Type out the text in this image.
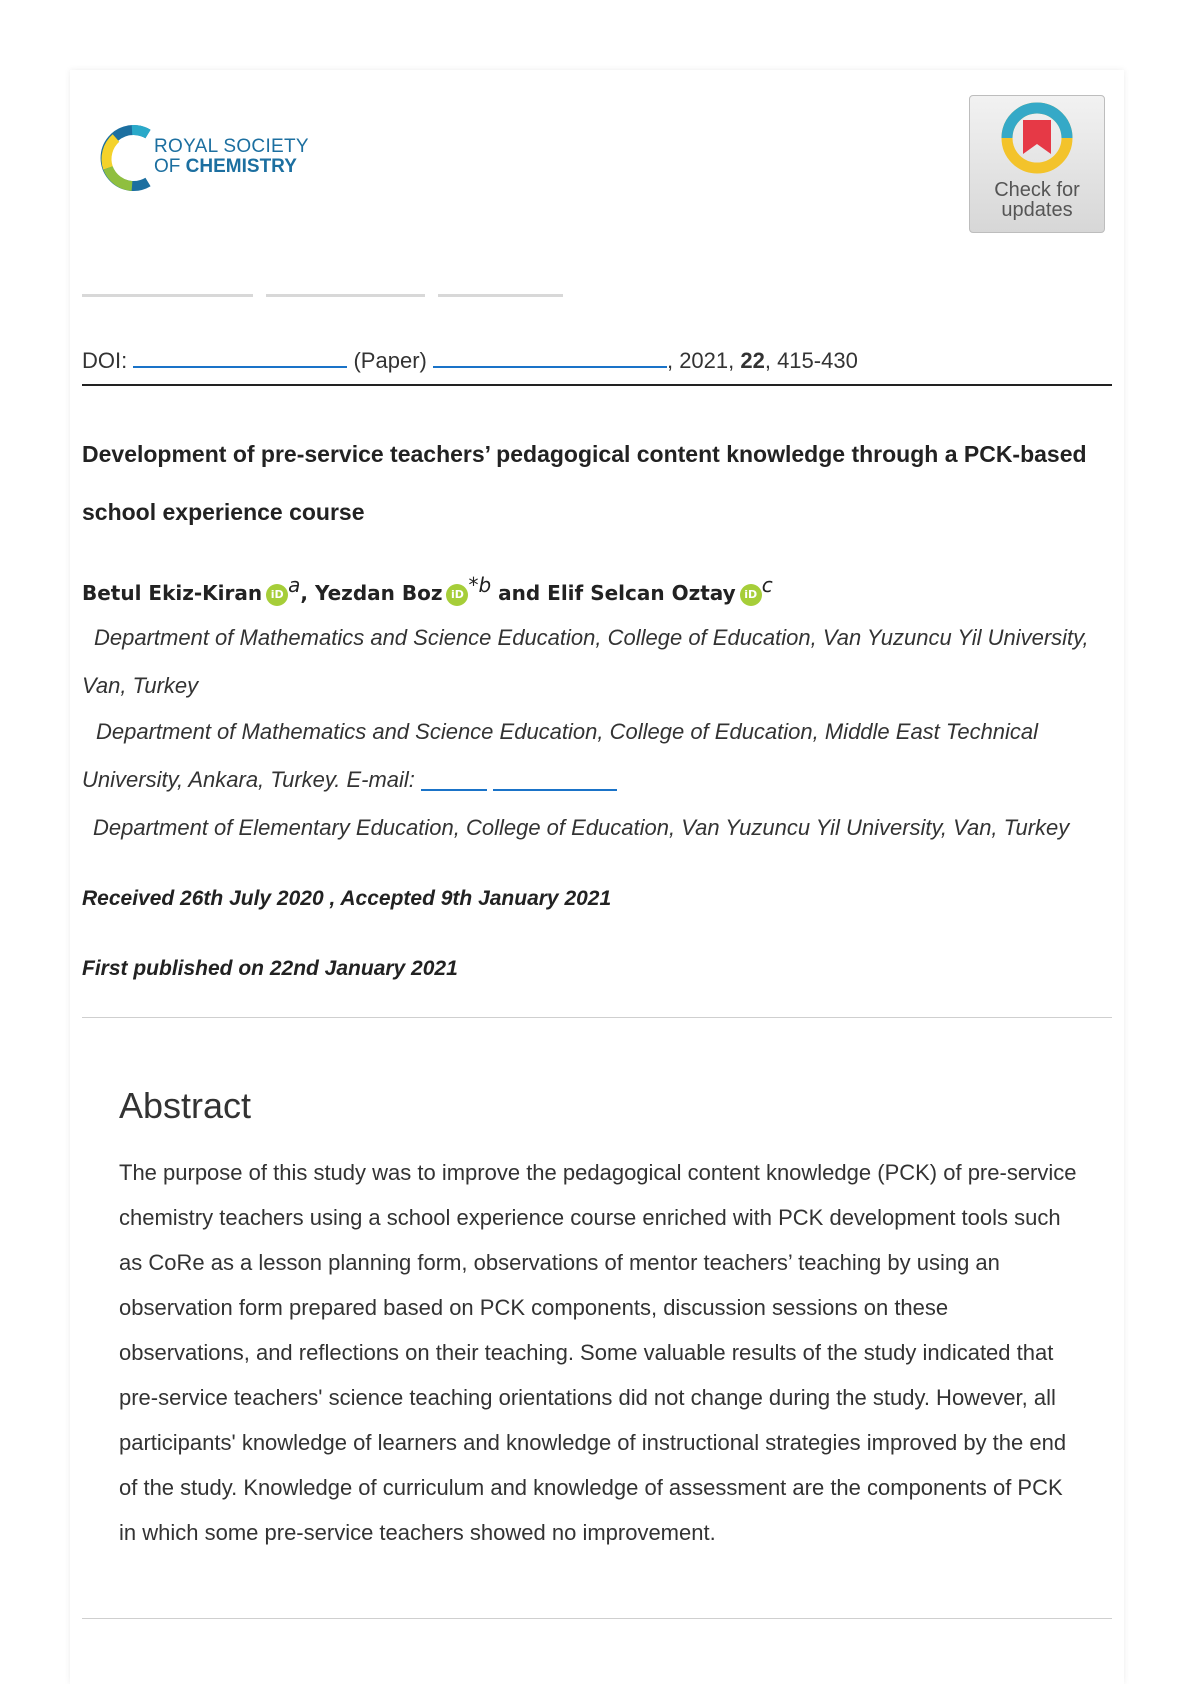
ROYAL SOCIETY
OF CHEMISTRY
Check for
updates
DOI:	(Paper)	, 2021, 22, 415-430
Development of pre-service teachers’ pedagogical content knowledge through a PCK-based school experience course
Betul Ekiz-Kiran iD a, Yezdan Boz iD *b and Elif Selcan Oztay iD c
Department of Mathematics and Science Education, College of Education, Van Yuzuncu Yil University, Van, Turkey
Department of Mathematics and Science Education, College of Education, Middle East Technical University, Ankara, Turkey. E-mail:
Department of Elementary Education, College of Education, Van Yuzuncu Yil University, Van, Turkey
Received 26th July 2020 , Accepted 9th January 2021
First published on 22nd January 2021
Abstract
The purpose of this study was to improve the pedagogical content knowledge (PCK) of pre-service chemistry teachers using a school experience course enriched with PCK development tools such as CoRe as a lesson planning form, observations of mentor teachers’ teaching by using an observation form prepared based on PCK components, discussion sessions on these observations, and reflections on their teaching. Some valuable results of the study indicated that pre-service teachers' science teaching orientations did not change during the study. However, all participants' knowledge of learners and knowledge of instructional strategies improved by the end of the study. Knowledge of curriculum and knowledge of assessment are the components of PCK in which some pre-service teachers showed no improvement.
